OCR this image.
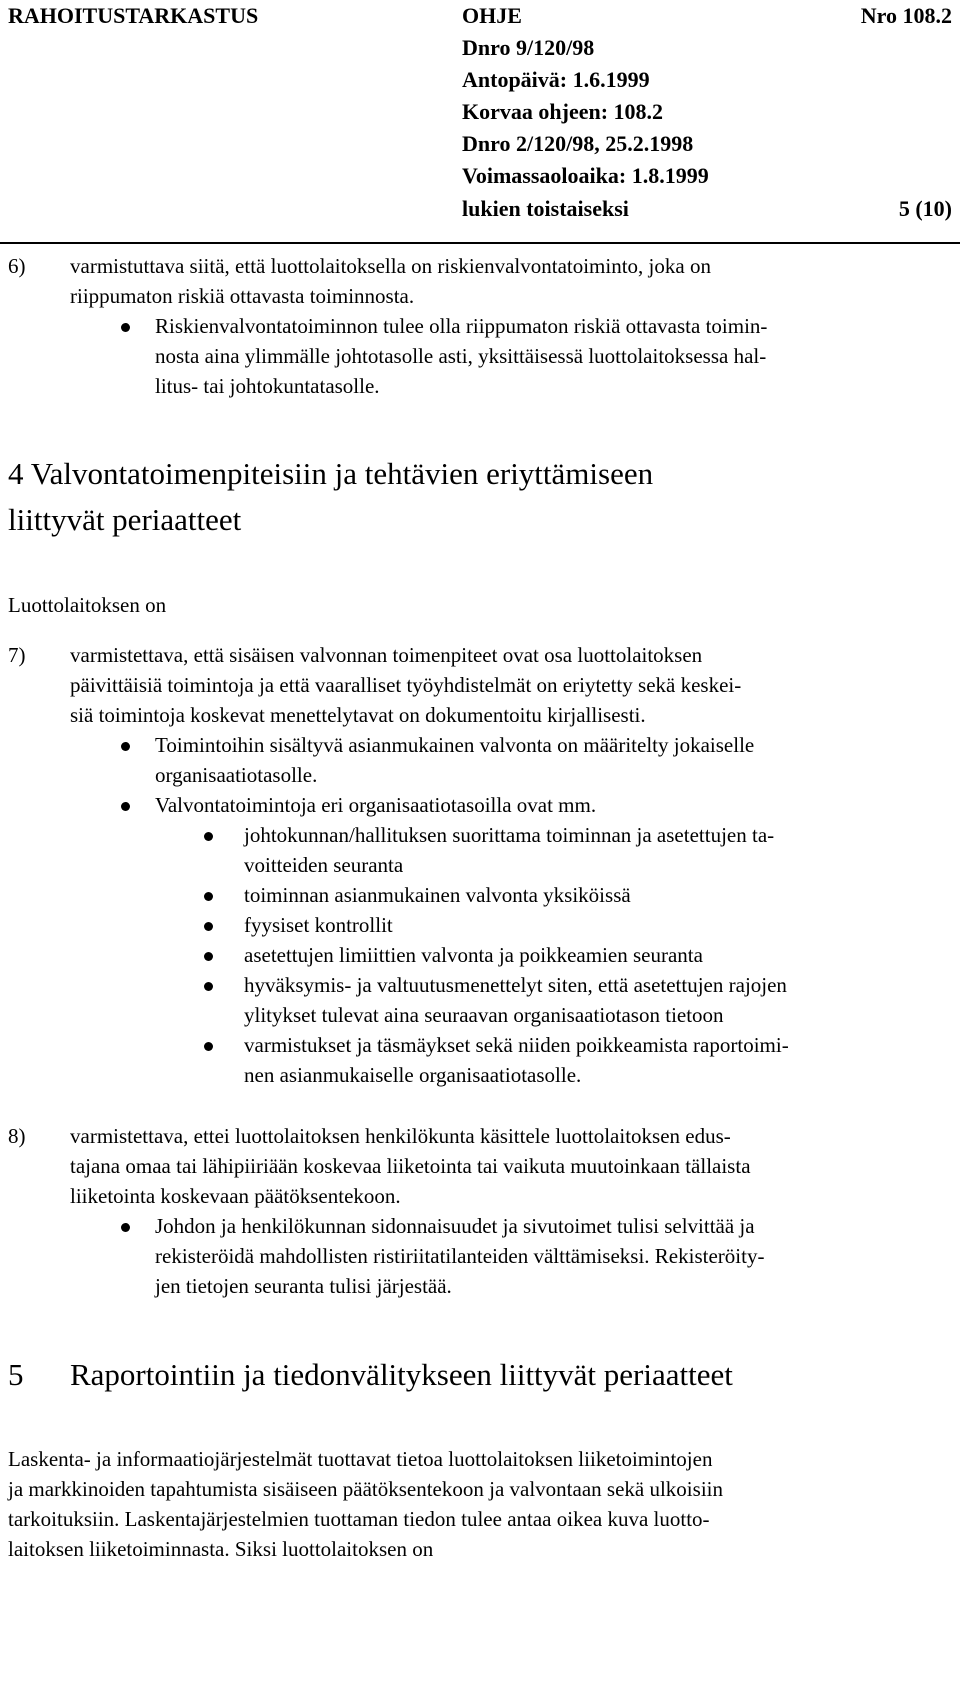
RAHOITUSTARKASTUS	OHJE	Nro 108.2
Dnro 9/120/98
Antopäivä: 1.6.1999
Korvaa ohjeen: 108.2
Dnro 2/120/98, 25.2.1998
Voimassaoloaika: 1.8.1999
lukien toistaiseksi	5 (10)
6) varmistuttava siitä, että luottolaitoksella on riskienvalvontatoiminto, joka on
riippumaton riskiä ottavasta toiminnosta.
Riskienvalvontatoiminnon tulee olla riippumaton riskiä ottavasta toimin-
nosta aina ylimmälle johtotasolle asti, yksittäisessä luottolaitoksessa hal-
litus- tai johtokuntatasolle.
4 Valvontatoimenpiteisiin ja tehtävien eriyttämiseen
liittyvät periaatteet
Luottolaitoksen on
7) varmistettava, että sisäisen valvonnan toimenpiteet ovat osa luottolaitoksen
päivittäisiä toimintoja ja että vaaralliset työyhdistelmät on eriytetty sekä keskei-
siä toimintoja koskevat menettelytavat on dokumentoitu kirjallisesti.
Toimintoihin sisältyvä asianmukainen valvonta on määritelty jokaiselle
organisaatiotasolle.
Valvontatoimintoja eri organisaatiotasoilla ovat mm.
johtokunnan/hallituksen suorittama toiminnan ja asetettujen ta-
voitteiden seuranta
toiminnan asianmukainen valvonta yksiköissä
fyysiset kontrollit
asetettujen limiittien valvonta ja poikkeamien seuranta
hyväksymis- ja valtuutusmenettelyt siten, että asetettujen rajojen
ylitykset tulevat aina seuraavan organisaatiotason tietoon
varmistukset ja täsmäykset sekä niiden poikkeamista raportoimi-
nen asianmukaiselle organisaatiotasolle.
8) varmistettava, ettei luottolaitoksen henkilökunta käsittele luottolaitoksen edus-
tajana omaa tai lähipiiriään koskevaa liiketointa tai vaikuta muutoinkaan tällaista
liiketointa koskevaan päätöksentekoon.
Johdon ja henkilökunnan sidonnaisuudet ja sivutoimet tulisi selvittää ja
rekisteröidä mahdollisten ristiriitatilanteiden välttämiseksi. Rekisteröity-
jen tietojen seuranta tulisi järjestää.
5 Raportointiin ja tiedonvälitykseen liittyvät periaatteet
Laskenta- ja informaatiojärjestelmät tuottavat tietoa luottolaitoksen liiketoimintojen
ja markkinoiden tapahtumista sisäiseen päätöksentekoon ja valvontaan sekä ulkoisiin
tarkoituksiin. Laskentajärjestelmien tuottaman tiedon tulee antaa oikea kuva luotto-
laitoksen liiketoiminnasta. Siksi luottolaitoksen on
